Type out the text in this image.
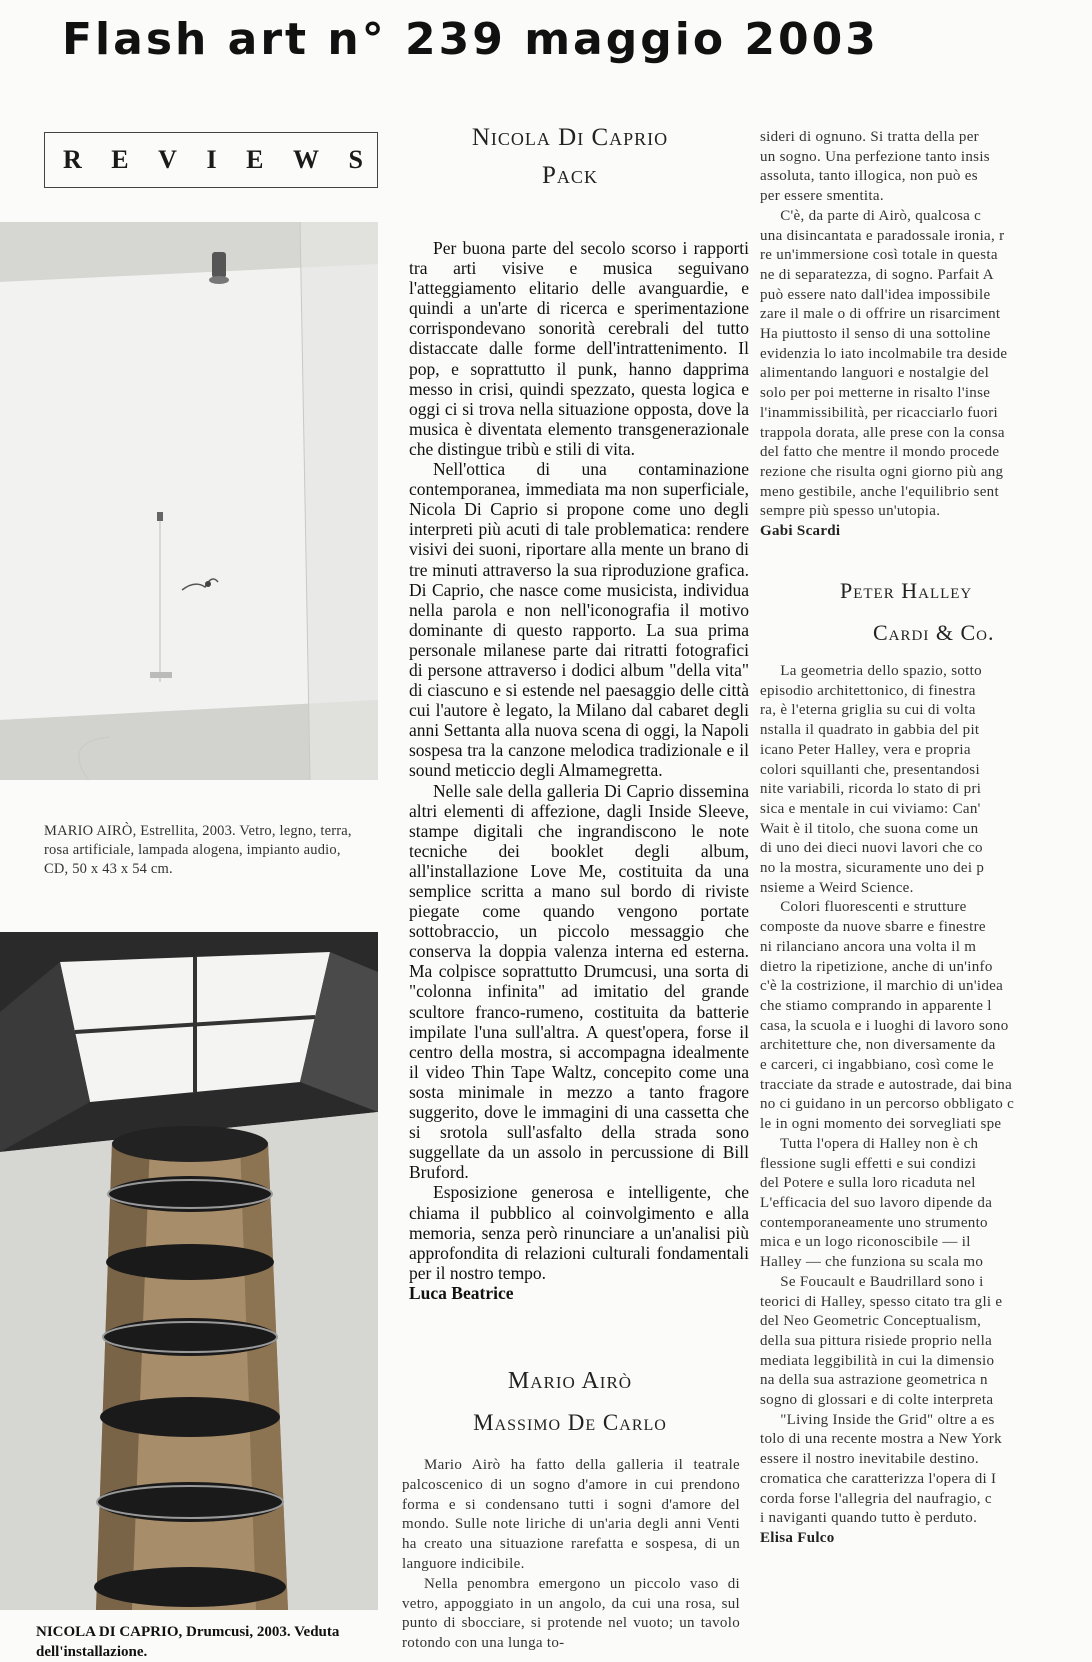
Flash art n° 239 maggio 2003
R E V I E W S
MARIO AIRÒ, Estrellita, 2003. Vetro, legno, terra, rosa artificiale, lampada alogena, impianto audio, CD, 50 x 43 x 54 cm.
NICOLA DI CAPRIO, Drumcusi, 2003. Veduta dell'installazione.
Nicola Di Caprio
Pack

Per buona parte del secolo scorso i rapporti tra arti visive e musica seguivano l'atteggiamento elitario delle avanguardie, e quindi a un'arte di ricerca e sperimentazione corrispondevano sonorità cerebrali del tutto distaccate dalle forme dell'intrattenimento. Il pop, e soprattutto il punk, hanno dapprima messo in crisi, quindi spezzato, questa logica e oggi ci si trova nella situazione opposta, dove la musica è diventata elemento transgenerazionale che distingue tribù e stili di vita.

Nell'ottica di una contaminazione contemporanea, immediata ma non superficiale, Nicola Di Caprio si propone come uno degli interpreti più acuti di tale problematica: rendere visivi dei suoni, riportare alla mente un brano di tre minuti attraverso la sua riproduzione grafica. Di Caprio, che nasce come musicista, individua nella parola e non nell'iconografia il motivo dominante di questo rapporto. La sua prima personale milanese parte dai ritratti fotografici di persone attraverso i dodici album "della vita" di ciascuno e si estende nel paesaggio delle città cui l'autore è legato, la Milano dal cabaret degli anni Settanta alla nuova scena di oggi, la Napoli sospesa tra la canzone melodica tradizionale e il sound meticcio degli Almamegretta.

Nelle sale della galleria Di Caprio dissemina altri elementi di affezione, dagli Inside Sleeve, stampe digitali che ingrandiscono le note tecniche dei booklet degli album, all'installazione Love Me, costituita da una semplice scritta a mano sul bordo di riviste piegate come quando vengono portate sottobraccio, un piccolo messaggio che conserva la doppia valenza interna ed esterna. Ma colpisce soprattutto Drumcusi, una sorta di "colonna infinita" ad imitatio del grande scultore franco-rumeno, costituita da batterie impilate l'una sull'altra. A quest'opera, forse il centro della mostra, si accompagna idealmente il video Thin Tape Waltz, concepito come una sosta minimale in mezzo a tanto fragore suggerito, dove le immagini di una cassetta che si srotola sull'asfalto della strada sono suggellate da un assolo in percussione di Bill Bruford.

Esposizione generosa e intelligente, che chiama il pubblico al coinvolgimento e alla memoria, senza però rinunciare a un'analisi più approfondita di relazioni culturali fondamentali per il nostro tempo.

Luca Beatrice

Mario Airò
Massimo De Carlo

Mario Airò ha fatto della galleria il teatrale palcoscenico di un sogno d'amore in cui prendono forma e si condensano tutti i sogni d'amore del mondo. Sulle note liriche di un'aria degli anni Venti ha creato una situazione rarefatta e sospesa, di un languore indicibile.

Nella penombra emergono un piccolo vaso di vetro, appoggiato in un angolo, da cui una rosa, sul punto di sbocciare, si protende nel vuoto; un tavolo rotondo con una lunga to-

sideri di ognuno. Si tratta della per

un sogno. Una perfezione tanto insis

assoluta, tanto illogica, non può es

per essere smentita.

C'è, da parte di Airò, qualcosa c

una disincantata e paradossale ironia, r

re un'immersione così totale in questa

ne di separatezza, di sogno. Parfait A

può essere nato dall'idea impossibile

zare il male o di offrire un risarciment

Ha piuttosto il senso di una sottoline

evidenzia lo iato incolmabile tra deside

alimentando languori e nostalgie del

solo per poi metterne in risalto l'inse

l'inammissibilità, per ricacciarlo fuori

trappola dorata, alle prese con la consa

del fatto che mentre il mondo procede

rezione che risulta ogni giorno più ang

meno gestibile, anche l'equilibrio sent

sempre più spesso un'utopia.

Gabi Scardi

Peter Halley
Cardi & Co.

La geometria dello spazio, sotto

episodio architettonico, di finestra

ra, è l'eterna griglia su cui di volta

nstalla il quadrato in gabbia del pit

icano Peter Halley, vera e propria

colori squillanti che, presentandosi

nite variabili, ricorda lo stato di pri

sica e mentale in cui viviamo: Can'

Wait è il titolo, che suona come un

di uno dei dieci nuovi lavori che co

no la mostra, sicuramente uno dei p

nsieme a Weird Science.

Colori fluorescenti e strutture

composte da nuove sbarre e finestre

ni rilanciano ancora una volta il m

dietro la ripetizione, anche di un'info

c'è la costrizione, il marchio di un'idea

che stiamo comprando in apparente l

casa, la scuola e i luoghi di lavoro sono

architetture che, non diversamente da

e carceri, ci ingabbiano, così come le

tracciate da strade e autostrade, dai bina

no ci guidano in un percorso obbligato c

le in ogni momento dei sorvegliati spe

Tutta l'opera di Halley non è ch

flessione sugli effetti e sui condizi

del Potere e sulla loro ricaduta nel

L'efficacia del suo lavoro dipende da

contemporaneamente uno strumento

mica e un logo riconoscibile — il

Halley — che funziona su scala mo

Se Foucault e Baudrillard sono i

teorici di Halley, spesso citato tra gli e

del Neo Geometric Conceptualism,

della sua pittura risiede proprio nella

mediata leggibilità in cui la dimensio

na della sua astrazione geometrica n

sogno di glossari e di colte interpreta

"Living Inside the Grid" oltre a es

tolo di una recente mostra a New York

essere il nostro inevitabile destino.

cromatica che caratterizza l'opera di I

corda forse l'allegria del naufragio, c

i naviganti quando tutto è perduto.

Elisa Fulco
